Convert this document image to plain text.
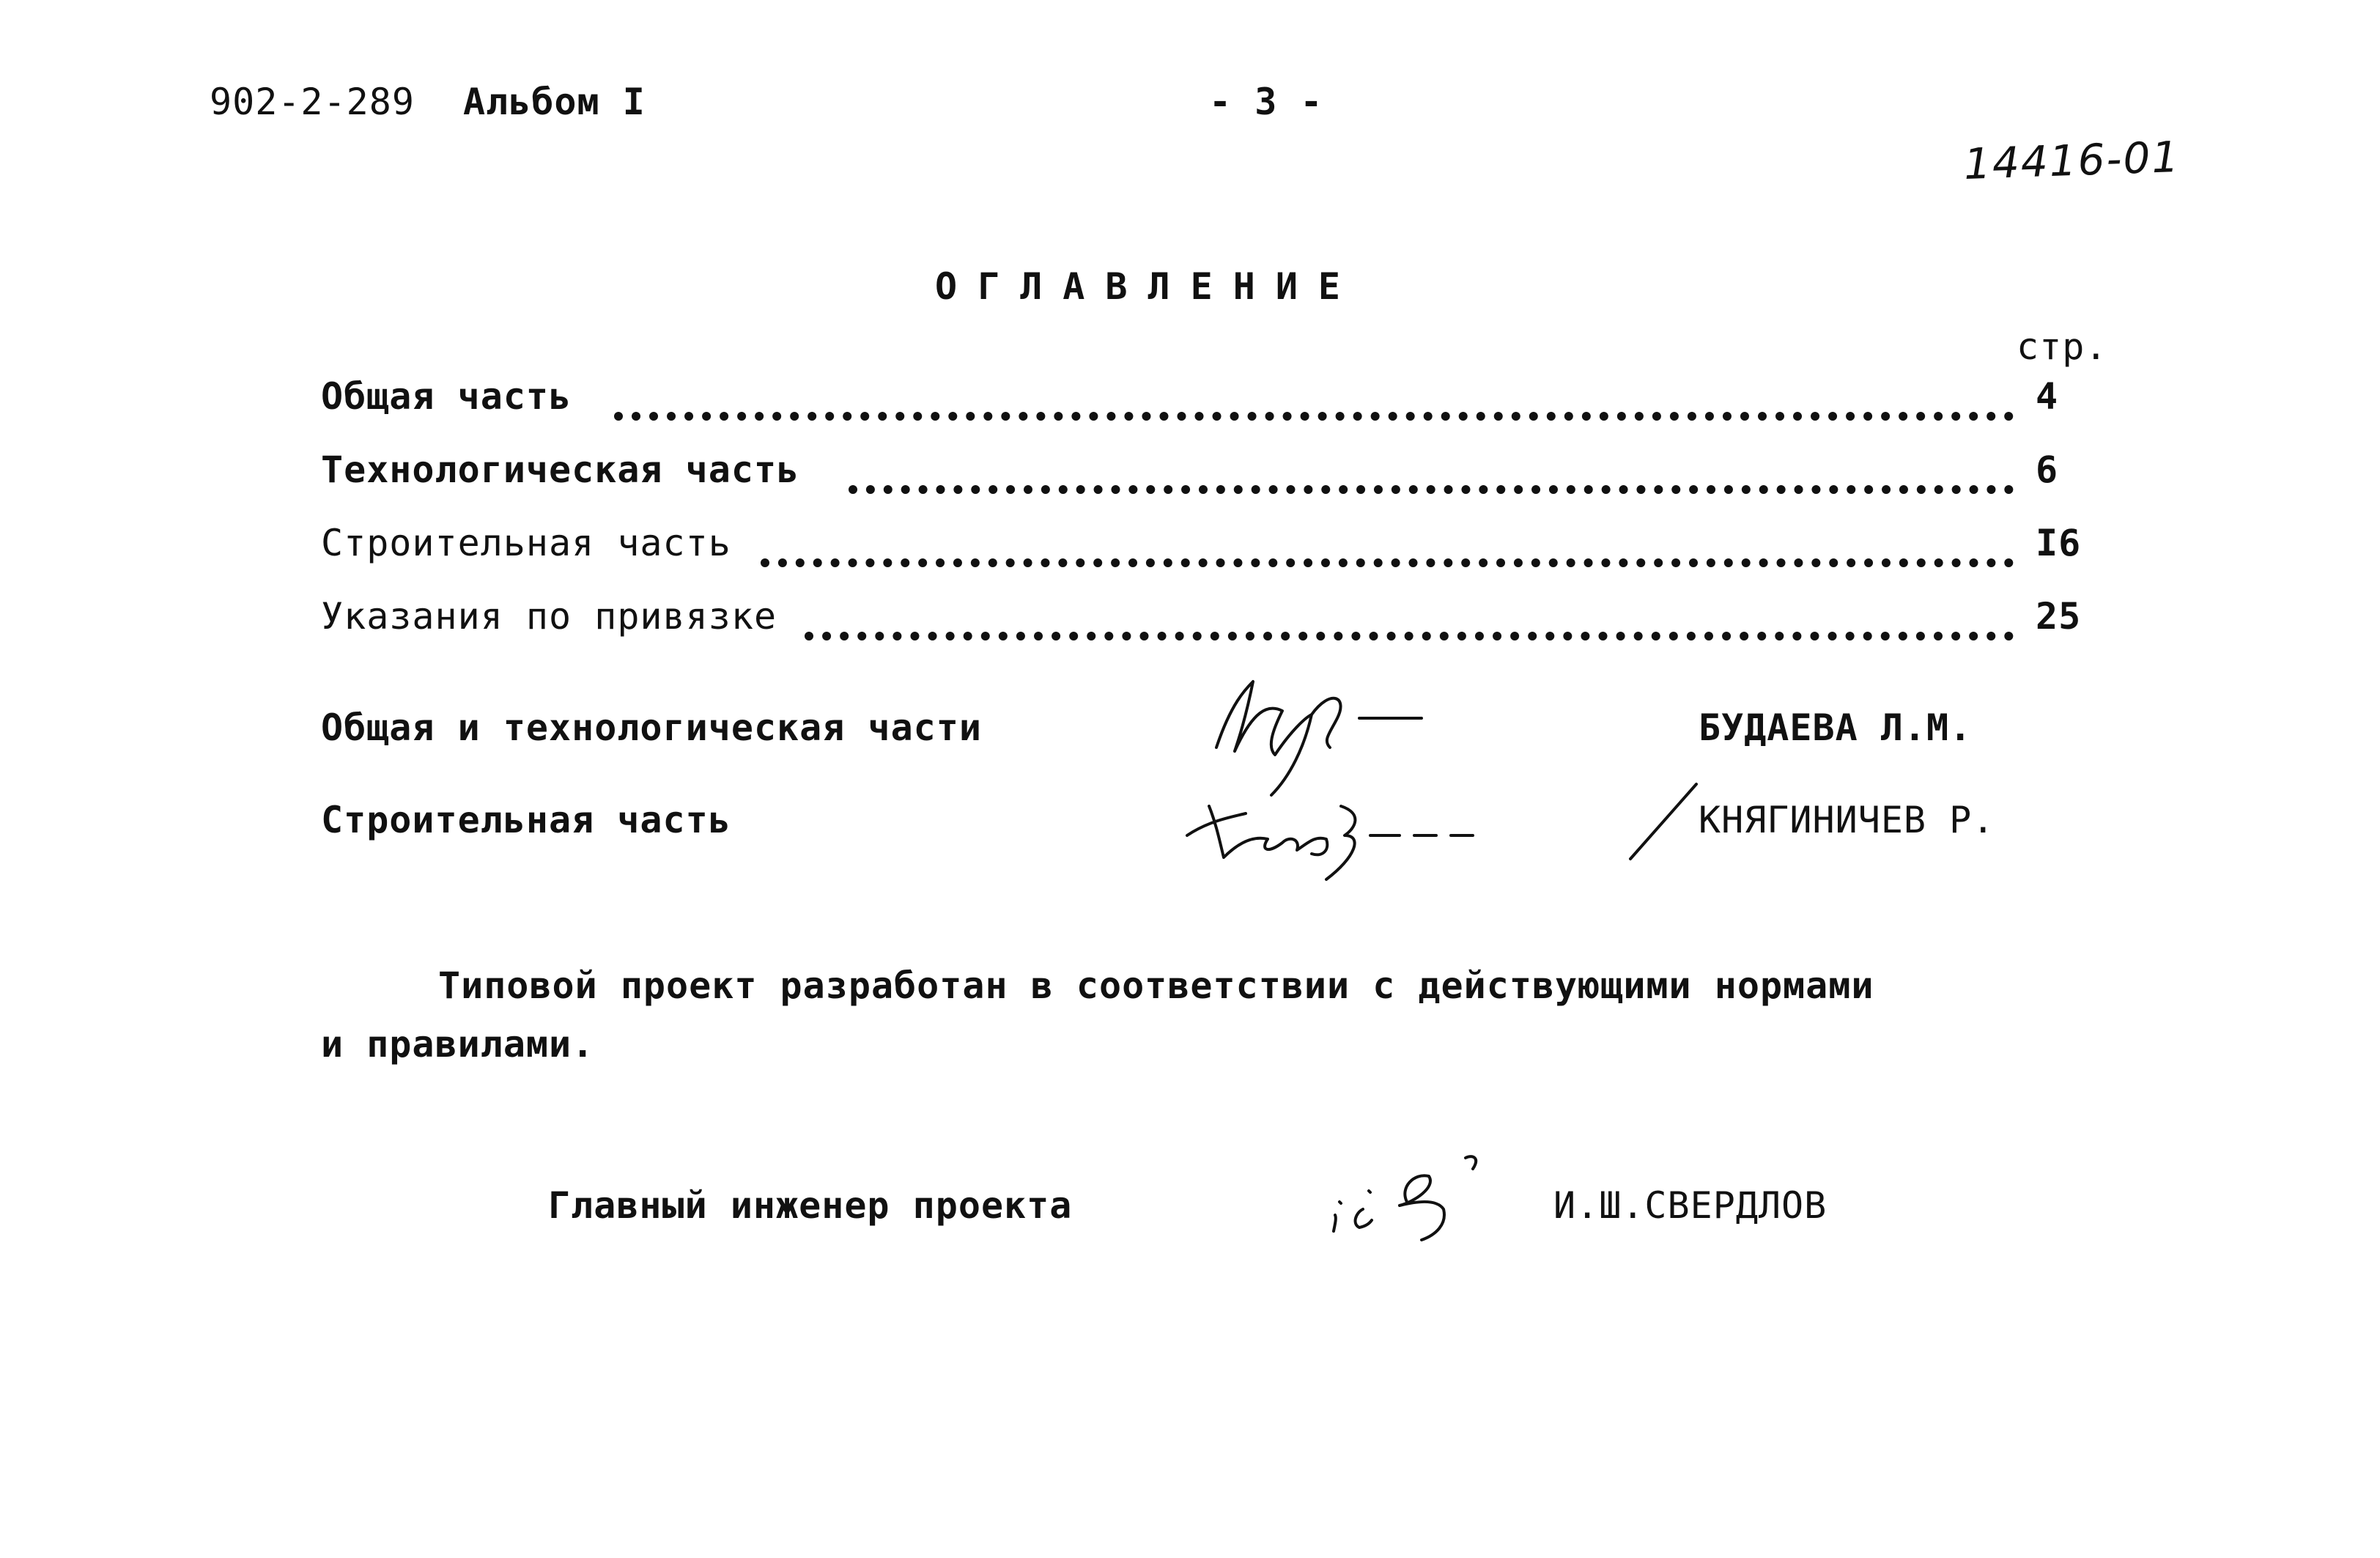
902-2-289 Альбом I	- 3 -
14416-01
ОГЛАВЛЕНИЕ
стр.
Общая часть	4
Технологическая часть	6
Строительная часть	I6
Указания по привязке	25
Общая и технологическая части	БУДАЕВА Л.М.
Строительная часть	КНЯГИНИЧЕВ Р.
Типовой проект разработан в соответствии с действующими нормами
и правилами.
Главный инженер проекта	И.Ш.СВЕРДЛОВ
